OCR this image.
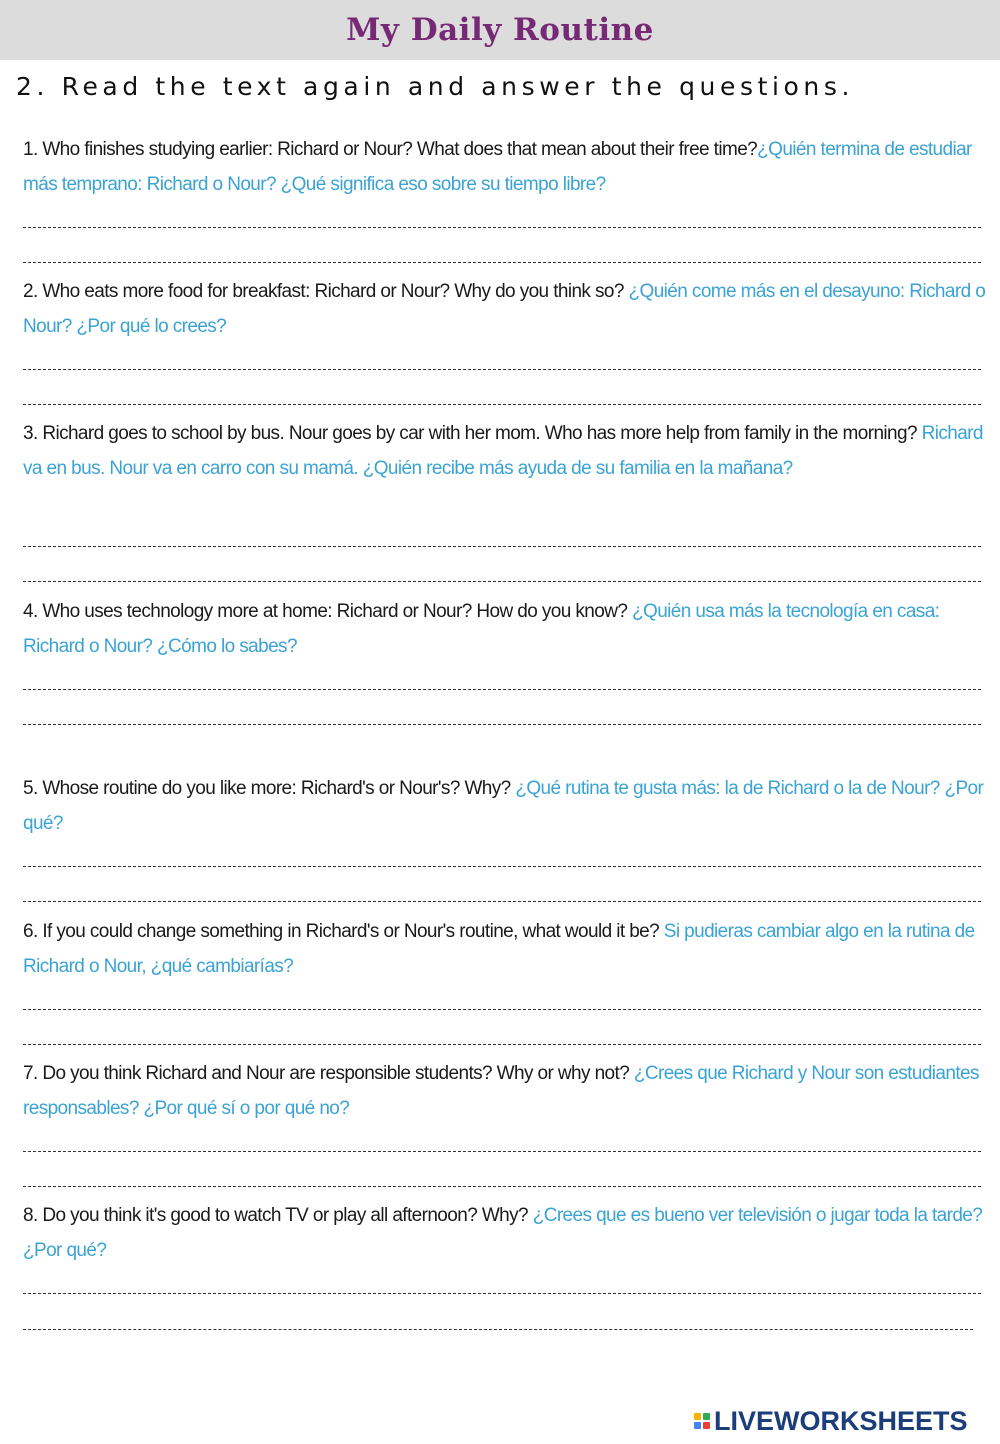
My Daily Routine
2. Read the text again and answer the questions.
1. Who finishes studying earlier: Richard or Nour? What does that mean about their free time?¿Quién termina de estudiar más temprano: Richard o Nour? ¿Qué significa eso sobre su tiempo libre?
2. Who eats more food for breakfast: Richard or Nour? Why do you think so? ¿Quién come más en el desayuno: Richard o Nour? ¿Por qué lo crees?
3. Richard goes to school by bus. Nour goes by car with her mom. Who has more help from family in the morning? Richard va en bus. Nour va en carro con su mamá. ¿Quién recibe más ayuda de su familia en la mañana?
4. Who uses technology more at home: Richard or Nour? How do you know? ¿Quién usa más la tecnología en casa: Richard o Nour? ¿Cómo lo sabes?
5. Whose routine do you like more: Richard's or Nour's? Why? ¿Qué rutina te gusta más: la de Richard o la de Nour? ¿Por qué?
6. If you could change something in Richard's or Nour's routine, what would it be? Si pudieras cambiar algo en la rutina de Richard o Nour, ¿qué cambiarías?
7. Do you think Richard and Nour are responsible students? Why or why not? ¿Crees que Richard y Nour son estudiantes responsables? ¿Por qué sí o por qué no?
8. Do you think it's good to watch TV or play all afternoon? Why? ¿Crees que es bueno ver televisión o jugar toda la tarde? ¿Por qué?
LIVEWORKSHEETS
